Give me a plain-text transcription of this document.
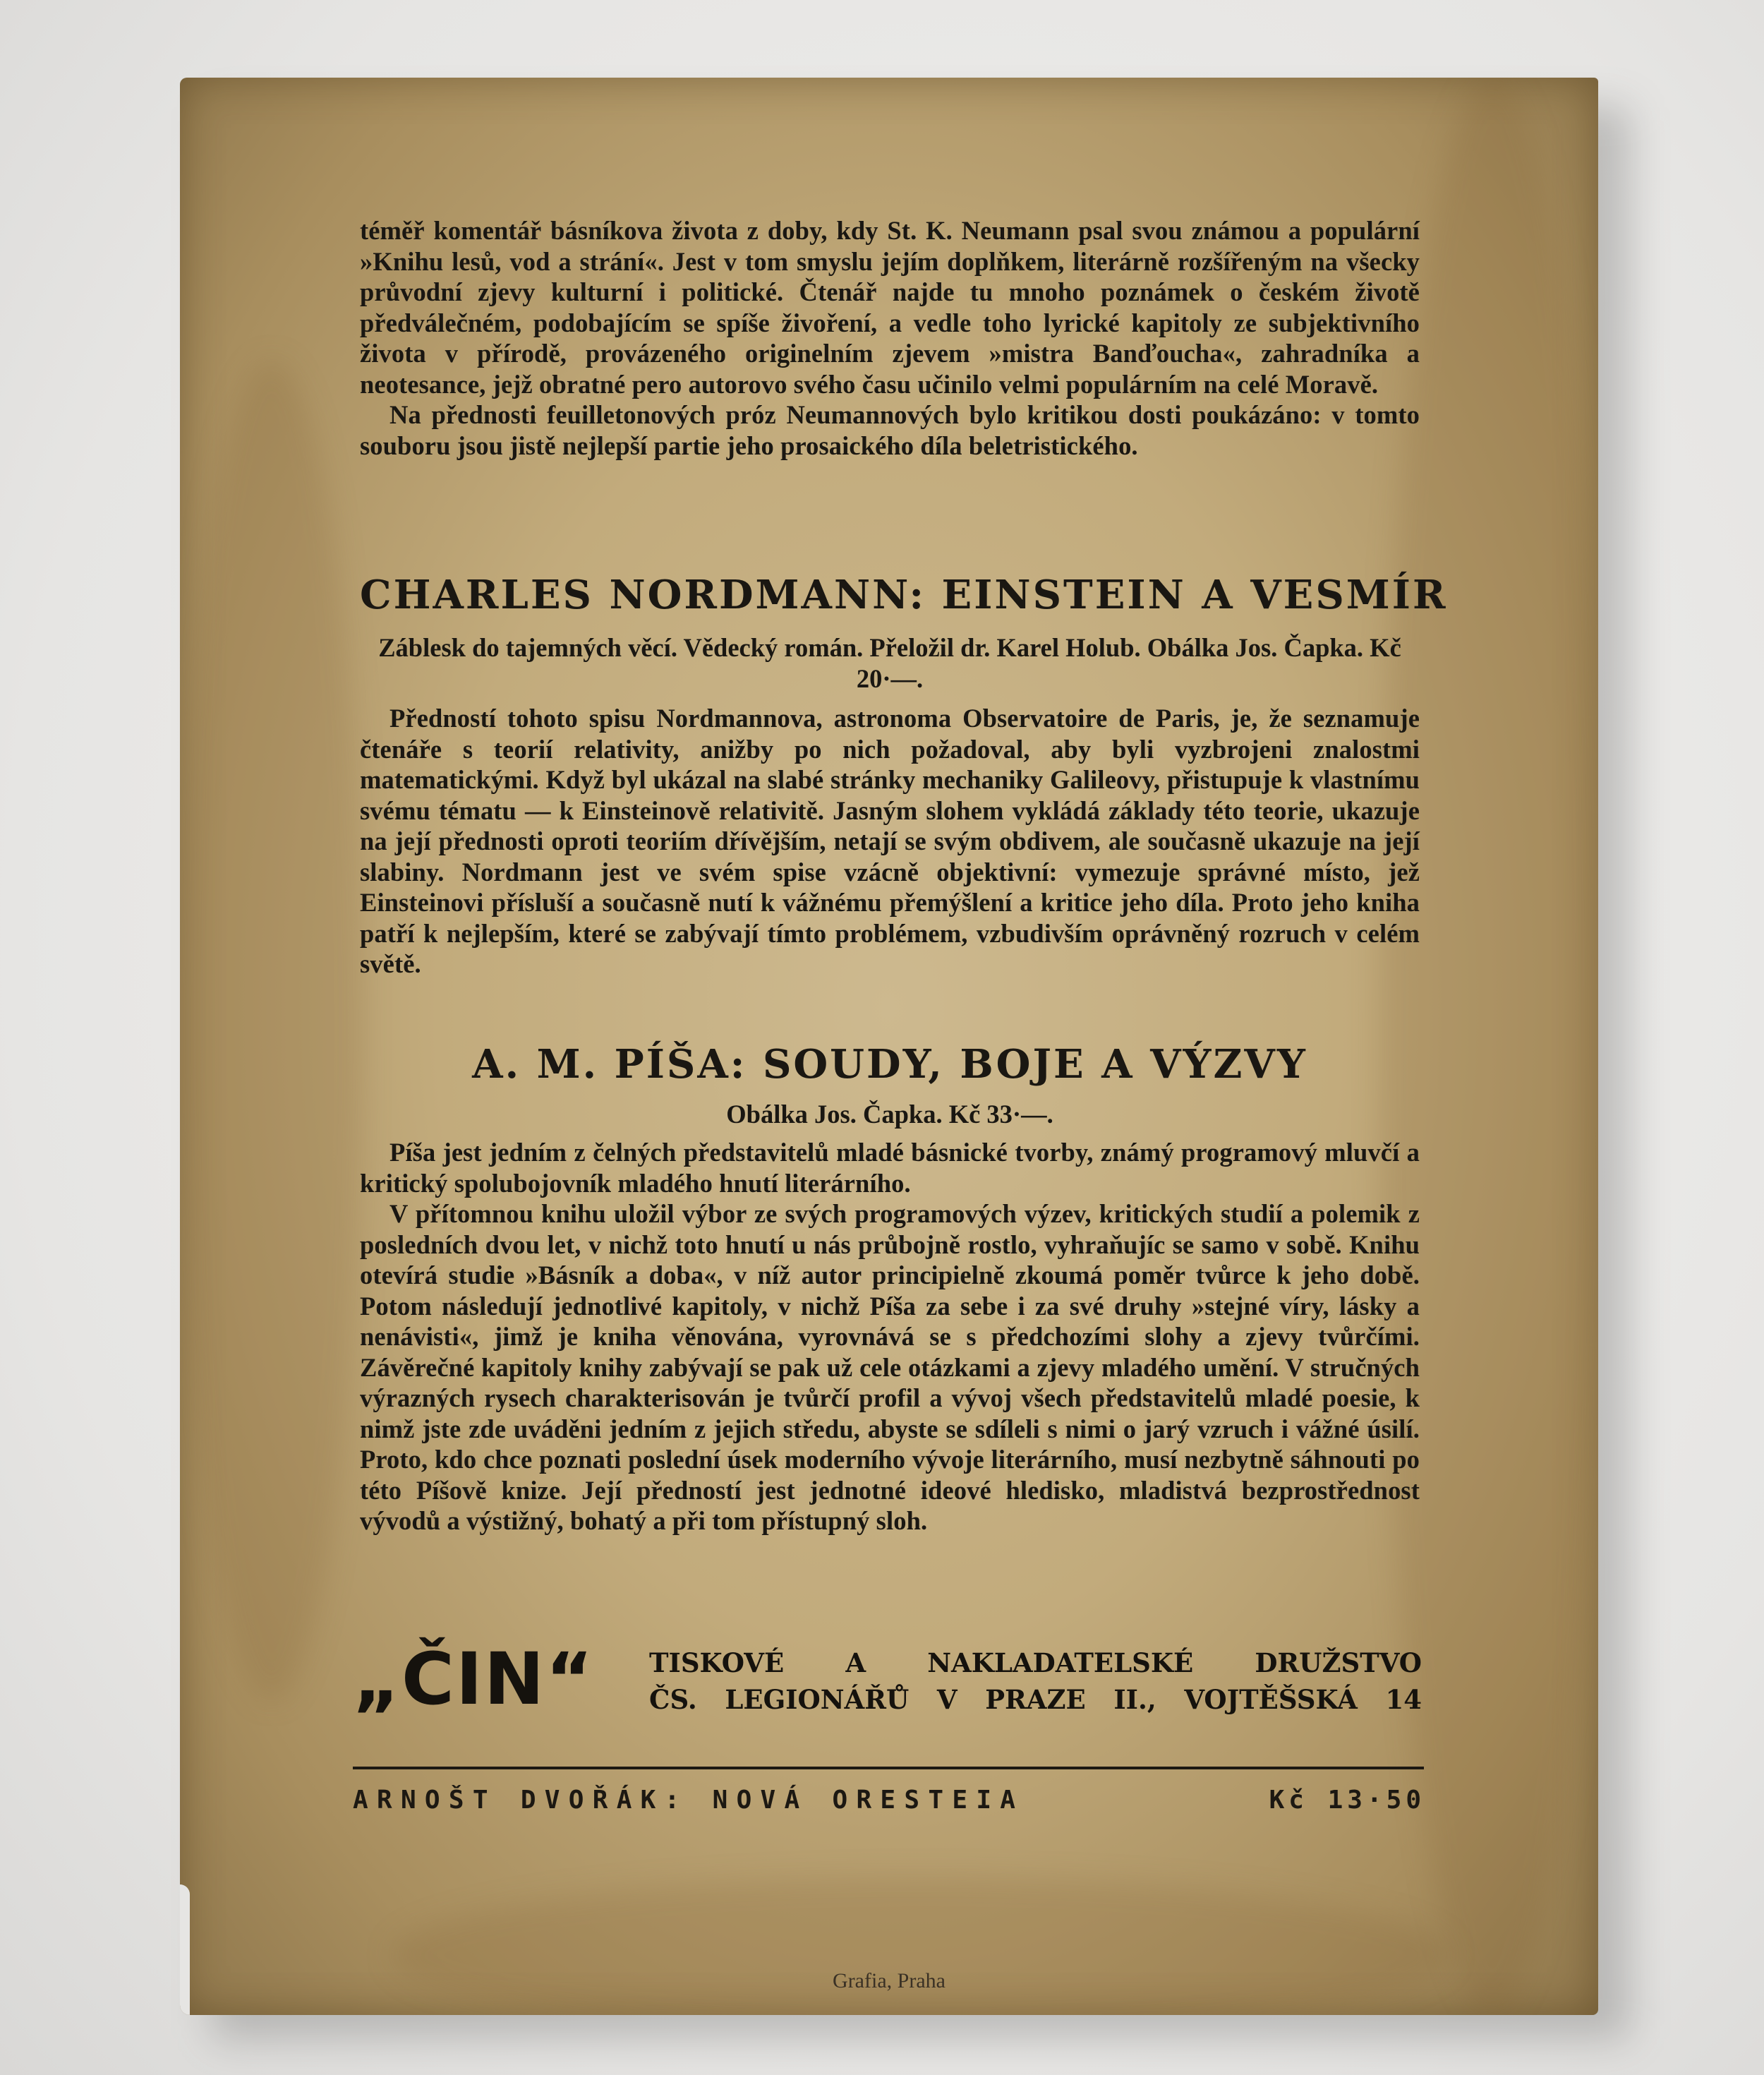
téměř komentář básníkova života z doby, kdy St. K. Neumann psal svou známou a populární »Knihu lesů, vod a strání«. Jest v tom smyslu jejím doplňkem, literárně rozšířeným na všecky průvodní zjevy kulturní i politické. Čtenář najde tu mnoho poznámek o českém životě předválečném, podobajícím se spíše živoření, a vedle toho lyrické kapitoly ze subjektivního života v přírodě, provázeného originelním zjevem »mistra Banďoucha«, zahradníka a neotesance, jejž obratné pero autorovo svého času učinilo velmi populárním na celé Moravě.

Na přednosti feuilletonových próz Neumannových bylo kritikou dosti poukázáno: v tomto souboru jsou jistě nejlepší partie jeho prosaického díla beletristického.

CHARLES NORDMANN: EINSTEIN A VESMÍR

Záblesk do tajemných věcí. Vědecký román. Přeložil dr. Karel Holub. Obálka Jos. Čapka. Kč 20·—.

Předností tohoto spisu Nordmannova, astronoma Observatoire de Paris, je, že seznamuje čtenáře s teorií relativity, anižby po nich požadoval, aby byli vyzbrojeni znalostmi matematickými. Když byl ukázal na slabé stránky mechaniky Galileovy, přistupuje k vlastnímu svému tématu — k Einsteinově relativitě. Jasným slohem vykládá základy této teorie, ukazuje na její přednosti oproti teoriím dřívějším, netají se svým obdivem, ale současně ukazuje na její slabiny. Nordmann jest ve svém spise vzácně objektivní: vymezuje správné místo, jež Einsteinovi přísluší a současně nutí k vážnému přemýšlení a kritice jeho díla. Proto jeho kniha patří k nejlepším, které se zabývají tímto problémem, vzbudivším oprávněný rozruch v celém světě.

A. M. PÍŠA: SOUDY, BOJE A VÝZVY

Obálka Jos. Čapka. Kč 33·—.

Píša jest jedním z čelných představitelů mladé básnické tvorby, známý programový mluvčí a kritický spolubojovník mladého hnutí literárního.

V přítomnou knihu uložil výbor ze svých programových výzev, kritických studií a polemik z posledních dvou let, v nichž toto hnutí u nás průbojně rostlo, vyhraňujíc se samo v sobě. Knihu otevírá studie »Básník a doba«, v níž autor principielně zkoumá poměr tvůrce k jeho době. Potom následují jednotlivé kapitoly, v nichž Píša za sebe i za své druhy »stejné víry, lásky a nenávisti«, jimž je kniha věnována, vyrovnává se s předchozími slohy a zjevy tvůrčími. Závěrečné kapitoly knihy zabývají se pak už cele otázkami a zjevy mladého umění. V stručných výrazných rysech charakterisován je tvůrčí profil a vývoj všech představitelů mladé poesie, k nimž jste zde uváděni jedním z jejich středu, abyste se sdíleli s nimi o jarý vzruch i vážné úsilí. Proto, kdo chce poznati poslední úsek moderního vývoje literárního, musí nezbytně sáhnouti po této Píšově knize. Její předností jest jednotné ideové hledisko, mladistvá bezprostřednost vývodů a výstižný, bohatý a při tom přístupný sloh.

„ČIN“ TISKOVÉ A NAKLADATELSKÉ DRUŽSTVO
ČS. LEGIONÁŘŮ V PRAZE II., VOJTĚŠSKÁ 14
ARNOŠT DVOŘÁK: NOVÁ ORESTEIA	Kč 13·50
Grafia, Praha
